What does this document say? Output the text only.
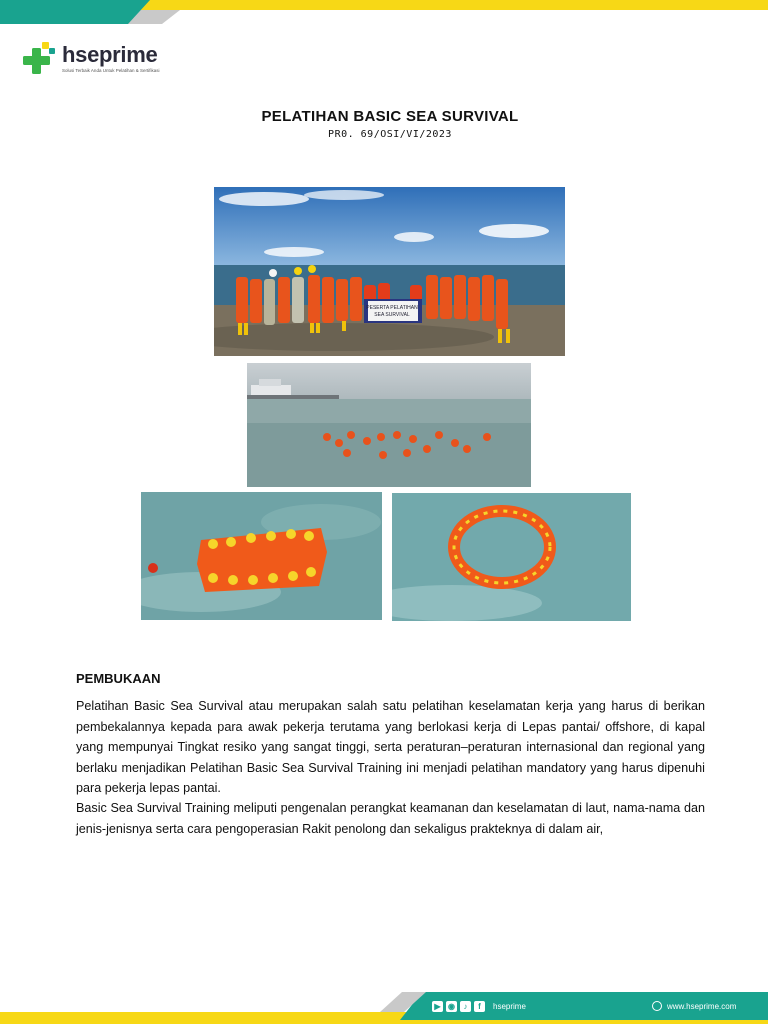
hseprime
Solusi Terbaik Anda Untuk Pelatihan & Sertifikasi
PELATIHAN BASIC SEA SURVIVAL
PR0. 69/OSI/VI/2023
PESERTA PELATIHAN
SEA SURVIVAL
PEMBUKAAN
Pelatihan Basic Sea Survival atau merupakan salah satu pelatihan keselamatan kerja yang harus di berikan pembekalannya kepada para awak pekerja terutama yang berlokasi kerja di Lepas pantai/ offshore, di kapal yang mempunyai Tingkat resiko yang sangat tinggi, serta peraturan–peraturan internasional dan regional yang berlaku menjadikan Pelatihan Basic Sea Survival Training ini menjadi pelatihan mandatory yang harus dipenuhi para pekerja lepas pantai.
Basic Sea Survival Training meliputi pengenalan perangkat keamanan dan keselamatan di laut, nama-nama dan jenis-jenisnya serta cara pengoperasian Rakit penolong dan sekaligus prakteknya di dalam air,
▶ ◉	♪	f	hseprime	www.hseprime.com
